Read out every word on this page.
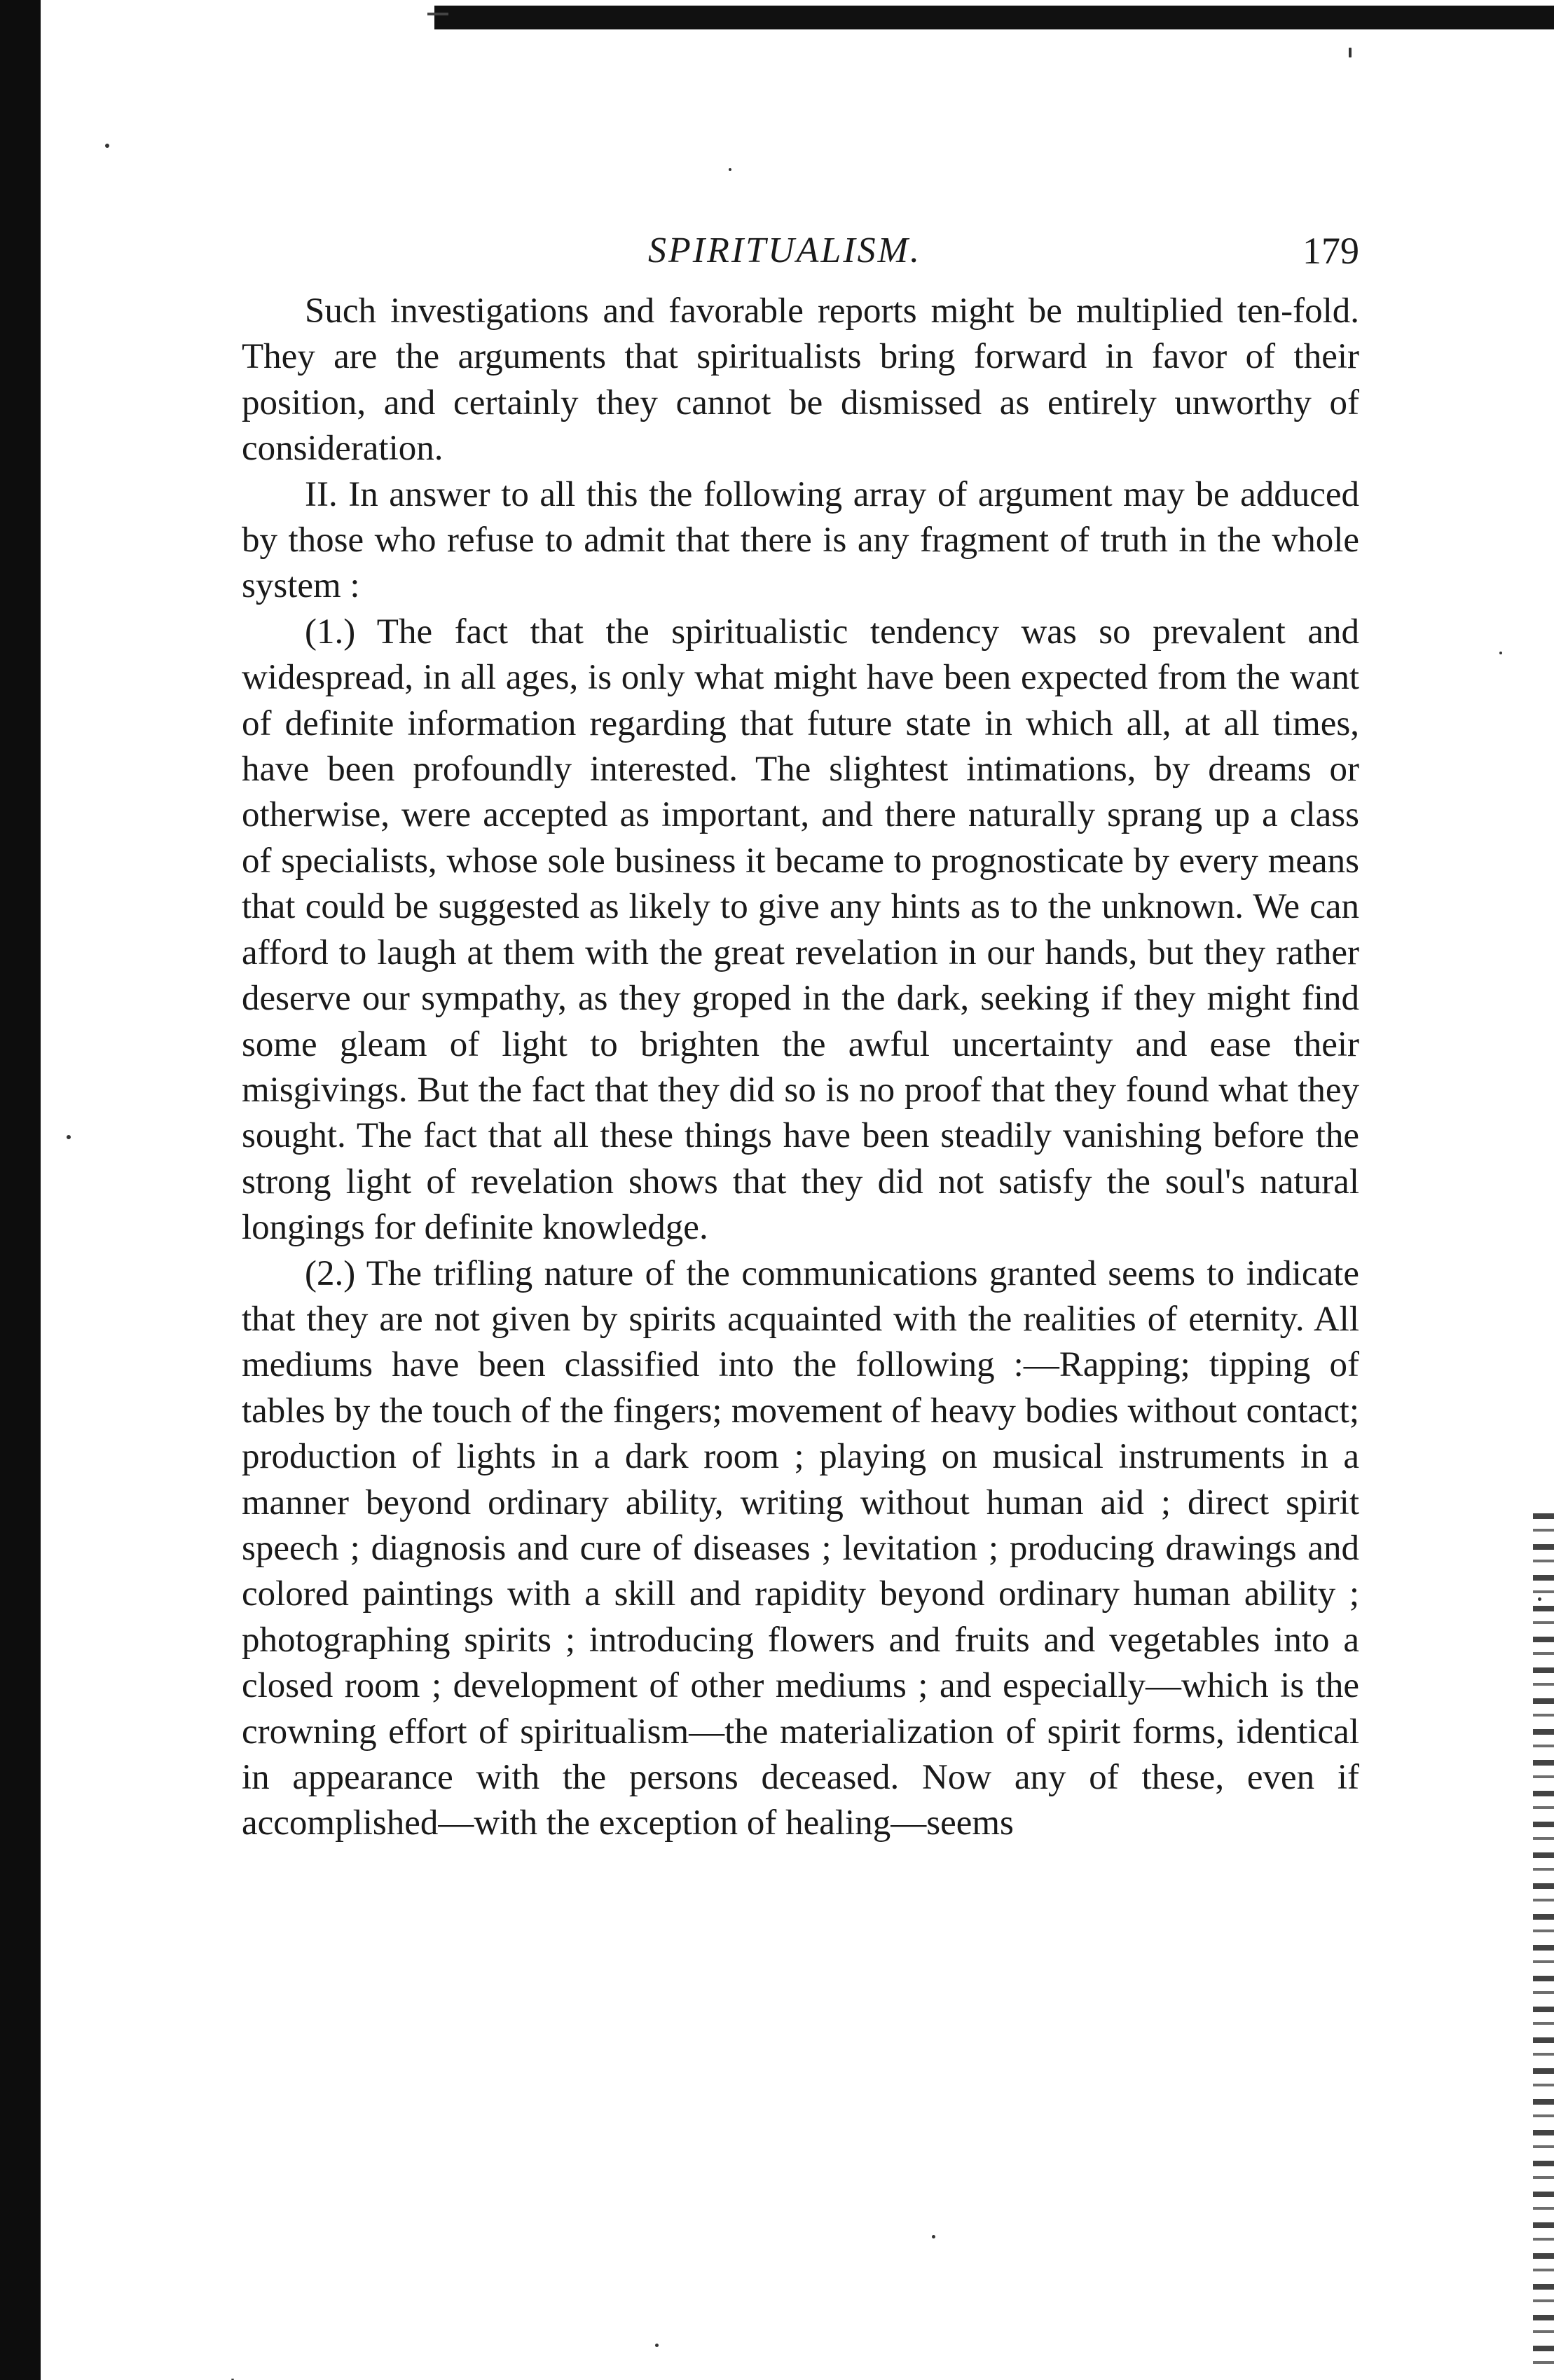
SPIRITUALISM.	179

Such investigations and favorable reports might be multiplied ten-fold. They are the arguments that spiritualists bring forward in favor of their position, and certainly they cannot be dismissed as entirely unworthy of consideration.

II. In answer to all this the following array of argument may be adduced by those who refuse to admit that there is any fragment of truth in the whole system :

(1.) The fact that the spiritualistic tendency was so prevalent and widespread, in all ages, is only what might have been expected from the want of definite information regarding that future state in which all, at all times, have been profoundly interested. The slightest intimations, by dreams or otherwise, were accepted as important, and there naturally sprang up a class of specialists, whose sole business it became to prognosticate by every means that could be suggested as likely to give any hints as to the unknown. We can afford to laugh at them with the great revelation in our hands, but they rather deserve our sympathy, as they groped in the dark, seeking if they might find some gleam of light to brighten the awful uncertainty and ease their misgivings. But the fact that they did so is no proof that they found what they sought. The fact that all these things have been steadily vanishing before the strong light of revelation shows that they did not satisfy the soul's natural longings for definite knowledge.

(2.) The trifling nature of the communications granted seems to indicate that they are not given by spirits acquainted with the realities of eternity. All mediums have been classified into the following :—Rapping; tipping of tables by the touch of the fingers; movement of heavy bodies without contact; production of lights in a dark room ; playing on musical instruments in a manner beyond ordinary ability, writing without human aid ; direct spirit speech ; diagnosis and cure of diseases ; levitation ; producing drawings and colored paintings with a skill and rapidity beyond ordinary human ability ; photographing spirits ; introducing flowers and fruits and vegetables into a closed room ; development of other mediums ; and especially—which is the crowning effort of spiritualism—the materialization of spirit forms, identical in appearance with the persons deceased. Now any of these, even if accomplished—with the exception of healing—seems
